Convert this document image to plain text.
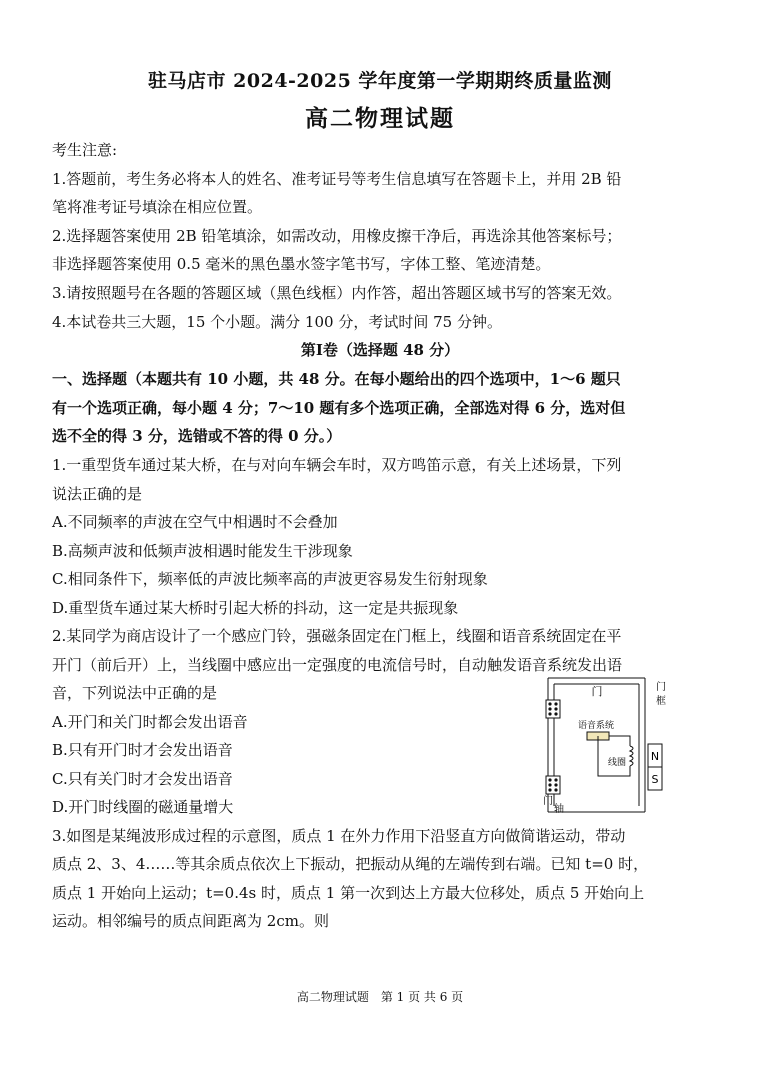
驻马店市 2024-2025 学年度第一学期期终质量监测
高二物理试题
考生注意:
1.答题前，考生务必将本人的姓名、准考证号等考生信息填写在答题卡上，并用 2B 铅
笔将准考证号填涂在相应位置。
2.选择题答案使用 2B 铅笔填涂，如需改动，用橡皮擦干净后，再选涂其他答案标号；
非选择题答案使用 0.5 毫米的黑色墨水签字笔书写，字体工整、笔迹清楚。
3.请按照题号在各题的答题区域（黑色线框）内作答，超出答题区域书写的答案无效。
4.本试卷共三大题，15 个小题。满分 100 分，考试时间 75 分钟。
第Ⅰ卷（选择题 48 分）
一、选择题（本题共有 10 小题，共 48 分。在每小题给出的四个选项中，1～6 题只
有一个选项正确，每小题 4 分；7～10 题有多个选项正确，全部选对得 6 分，选对但
选不全的得 3 分，选错或不答的得 0 分。）
1.一重型货车通过某大桥，在与对向车辆会车时，双方鸣笛示意，有关上述场景，下列
说法正确的是
A.不同频率的声波在空气中相遇时不会叠加
B.高频声波和低频声波相遇时能发生干涉现象
C.相同条件下，频率低的声波比频率高的声波更容易发生衍射现象
D.重型货车通过某大桥时引起大桥的抖动，这一定是共振现象
2.某同学为商店设计了一个感应门铃，强磁条固定在门框上，线圈和语音系统固定在平
开门（前后开）上，当线圈中感应出一定强度的电流信号时，自动触发语音系统发出语
音，下列说法中正确的是
A.开门和关门时都会发出语音
B.只有开门时才会发出语音
C.只有关门时才会发出语音
D.开门时线圈的磁通量增大
门	门
框
语音系统
线圈 N
S
门
轴
3.如图是某绳波形成过程的示意图，质点 1 在外力作用下沿竖直方向做简谐运动，带动
质点 2、3、4……等其余质点依次上下振动，把振动从绳的左端传到右端。已知 t=0 时，
质点 1 开始向上运动；t=0.4s 时，质点 1 第一次到达上方最大位移处，质点 5 开始向上
运动。相邻编号的质点间距离为 2cm。则
高二物理试题　第 1 页 共 6 页
